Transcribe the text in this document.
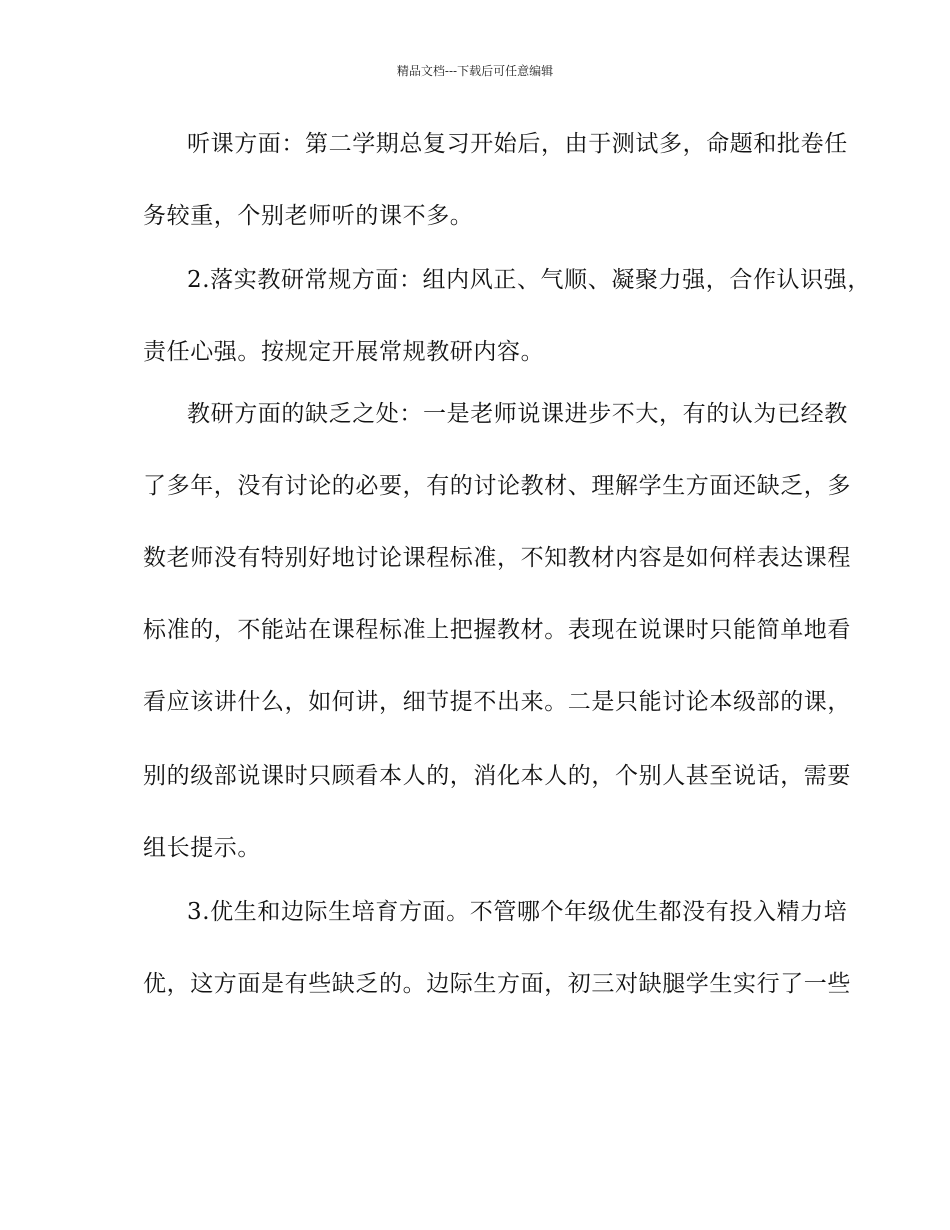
精品文档---下载后可任意编辑
听课方面：第二学期总复习开始后，由于测试多，命题和批卷任
务较重，个别老师听的课不多。
2.落实教研常规方面：组内风正、气顺、凝聚力强，合作认识强，
责任心强。按规定开展常规教研内容。
教研方面的缺乏之处：一是老师说课进步不大，有的认为已经教
了多年，没有讨论的必要，有的讨论教材、理解学生方面还缺乏，多
数老师没有特别好地讨论课程标准，不知教材内容是如何样表达课程
标准的，不能站在课程标准上把握教材。表现在说课时只能简单地看
看应该讲什么，如何讲，细节提不出来。二是只能讨论本级部的课，
别的级部说课时只顾看本人的，消化本人的，个别人甚至说话，需要
组长提示。
3.优生和边际生培育方面。不管哪个年级优生都没有投入精力培
优，这方面是有些缺乏的。边际生方面，初三对缺腿学生实行了一些
